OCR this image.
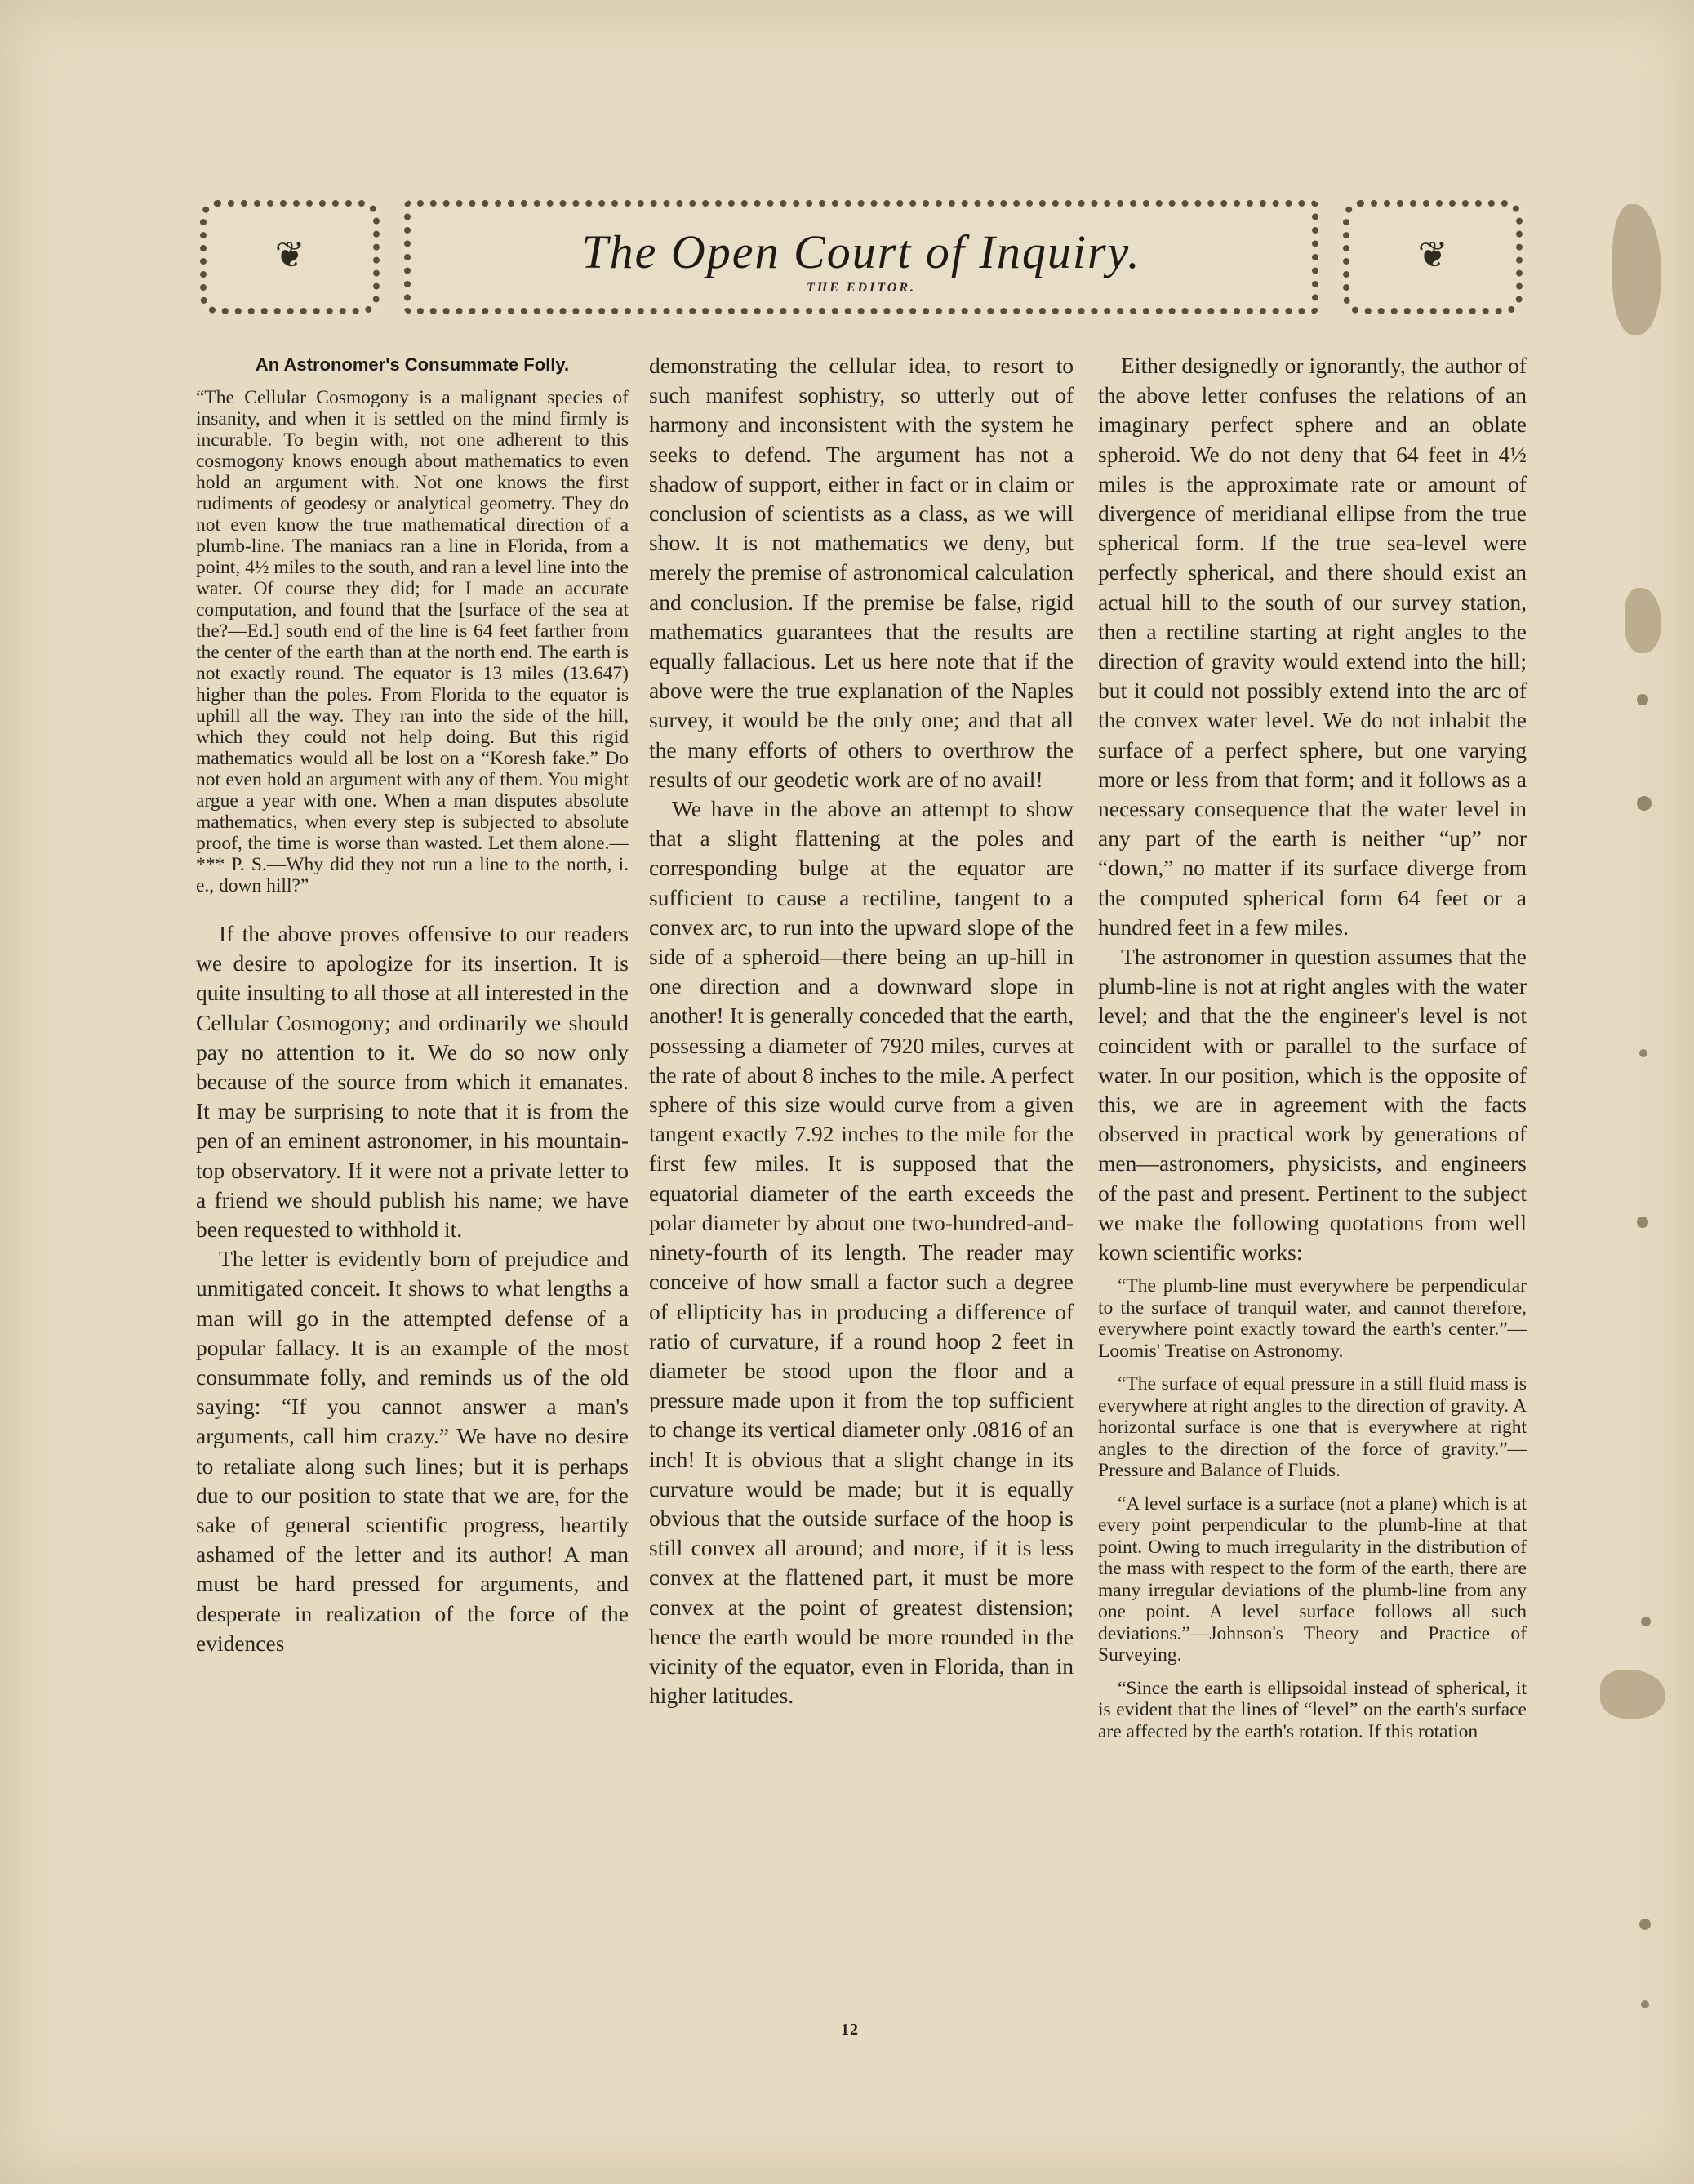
❦	The Open Court of Inquiry.
THE EDITOR.
❦
An Astronomer's Consummate Folly.

“The Cellular Cosmogony is a malignant species of insanity, and when it is settled on the mind firmly is incurable. To begin with, not one adherent to this cosmogony knows enough about mathematics to even hold an argument with. Not one knows the first rudiments of geodesy or analytical geometry. They do not even know the true mathematical direction of a plumb-line. The maniacs ran a line in Florida, from a point, 4½ miles to the south, and ran a level line into the water. Of course they did; for I made an accurate computation, and found that the [surface of the sea at the?—Ed.] south end of the line is 64 feet farther from the center of the earth than at the north end. The earth is not exactly round. The equator is 13 miles (13.647) higher than the poles. From Florida to the equator is uphill all the way. They ran into the side of the hill, which they could not help doing. But this rigid mathematics would all be lost on a “Koresh fake.” Do not even hold an argument with any of them. You might argue a year with one. When a man disputes absolute mathematics, when every step is subjected to absolute proof, the time is worse than wasted. Let them alone.—*** P. S.—Why did they not run a line to the north, i. e., down hill?”

If the above proves offensive to our readers we desire to apologize for its insertion. It is quite insulting to all those at all interested in the Cellular Cosmogony; and ordinarily we should pay no attention to it. We do so now only because of the source from which it emanates. It may be surprising to note that it is from the pen of an eminent astronomer, in his mountain-top observatory. If it were not a private letter to a friend we should publish his name; we have been requested to withhold it.

The letter is evidently born of prejudice and unmitigated conceit. It shows to what lengths a man will go in the attempted defense of a popular fallacy. It is an example of the most consummate folly, and reminds us of the old saying: “If you cannot answer a man's arguments, call him crazy.” We have no desire to retaliate along such lines; but it is perhaps due to our position to state that we are, for the sake of general scientific progress, heartily ashamed of the letter and its author! A man must be hard pressed for arguments, and desperate in realization of the force of the evidences

demonstrating the cellular idea, to resort to such manifest sophistry, so utterly out of harmony and inconsistent with the system he seeks to defend. The argument has not a shadow of support, either in fact or in claim or conclusion of scientists as a class, as we will show. It is not mathematics we deny, but merely the premise of astronomical calculation and conclusion. If the premise be false, rigid mathematics guarantees that the results are equally fallacious. Let us here note that if the above were the true explanation of the Naples survey, it would be the only one; and that all the many efforts of others to overthrow the results of our geodetic work are of no avail!

We have in the above an attempt to show that a slight flattening at the poles and corresponding bulge at the equator are sufficient to cause a rectiline, tangent to a convex arc, to run into the upward slope of the side of a spheroid—there being an up-hill in one direction and a downward slope in another! It is generally conceded that the earth, possessing a diameter of 7920 miles, curves at the rate of about 8 inches to the mile. A perfect sphere of this size would curve from a given tangent exactly 7.92 inches to the mile for the first few miles. It is supposed that the equatorial diameter of the earth exceeds the polar diameter by about one two-hundred-and-ninety-fourth of its length. The reader may conceive of how small a factor such a degree of ellipticity has in producing a difference of ratio of curvature, if a round hoop 2 feet in diameter be stood upon the floor and a pressure made upon it from the top sufficient to change its vertical diameter only .0816 of an inch! It is obvious that a slight change in its curvature would be made; but it is equally obvious that the outside surface of the hoop is still convex all around; and more, if it is less convex at the flattened part, it must be more convex at the point of greatest distension; hence the earth would be more rounded in the vicinity of the equator, even in Florida, than in higher latitudes.

Either designedly or ignorantly, the author of the above letter confuses the relations of an imaginary perfect sphere and an oblate spheroid. We do not deny that 64 feet in 4½ miles is the approximate rate or amount of divergence of meridianal ellipse from the true spherical form. If the true sea-level were perfectly spherical, and there should exist an actual hill to the south of our survey station, then a rectiline starting at right angles to the direction of gravity would extend into the hill; but it could not possibly extend into the arc of the convex water level. We do not inhabit the surface of a perfect sphere, but one varying more or less from that form; and it follows as a necessary consequence that the water level in any part of the earth is neither “up” nor “down,” no matter if its surface diverge from the computed spherical form 64 feet or a hundred feet in a few miles.

The astronomer in question assumes that the plumb-line is not at right angles with the water level; and that the the engineer's level is not coincident with or parallel to the surface of water. In our position, which is the opposite of this, we are in agreement with the facts observed in practical work by generations of men—astronomers, physicists, and engineers of the past and present. Pertinent to the subject we make the following quotations from well kown scientific works:

“The plumb-line must everywhere be perpendicular to the surface of tranquil water, and cannot therefore, everywhere point exactly toward the earth's center.”—Loomis' Treatise on Astronomy.

“The surface of equal pressure in a still fluid mass is everywhere at right angles to the direction of gravity. A horizontal surface is one that is everywhere at right angles to the direction of the force of gravity.”—Pressure and Balance of Fluids.

“A level surface is a surface (not a plane) which is at every point perpendicular to the plumb-line at that point. Owing to much irregularity in the distribution of the mass with respect to the form of the earth, there are many irregular deviations of the plumb-line from any one point. A level surface follows all such deviations.”—Johnson's Theory and Practice of Surveying.

“Since the earth is ellipsoidal instead of spherical, it is evident that the lines of “level” on the earth's surface are affected by the earth's rotation. If this rotation

12
